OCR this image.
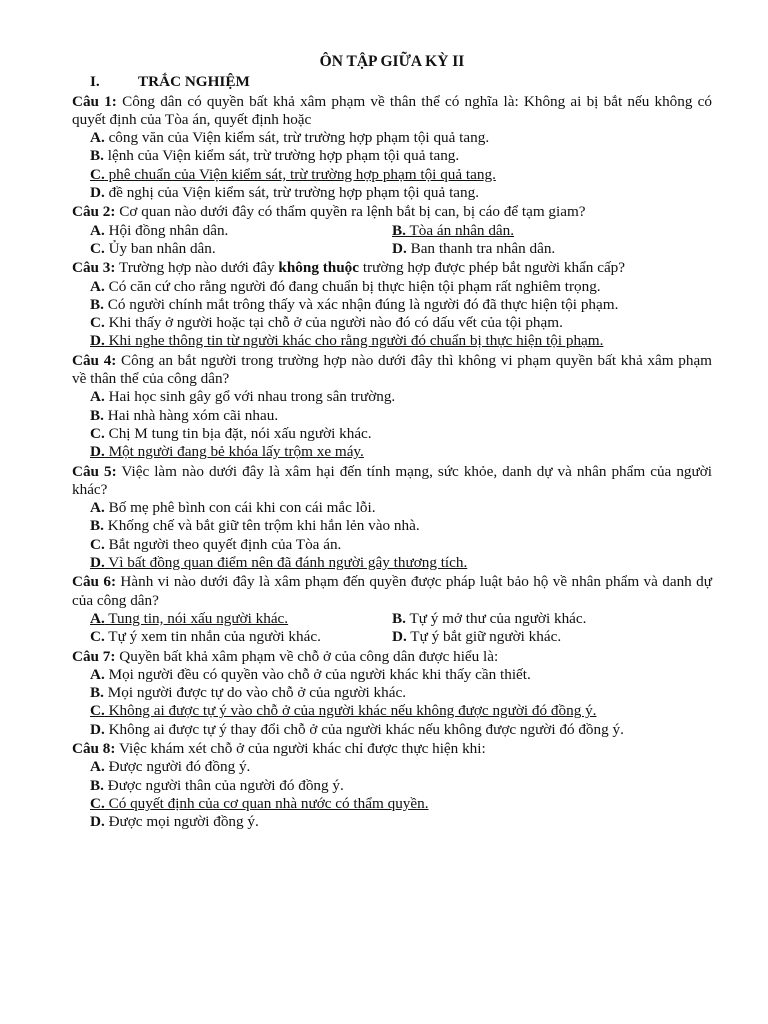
ÔN TẬP GIỮA KỲ II
I.	TRẮC NGHIỆM
Câu 1: Công dân có quyền bất khả xâm phạm về thân thể có nghĩa là: Không ai bị bắt nếu không có quyết định của Tòa án, quyết định hoặc
A. công văn của Viện kiểm sát, trừ trường hợp phạm tội quả tang.
B. lệnh của Viện kiểm sát, trừ trường hợp phạm tội quả tang.
C. phê chuẩn của Viện kiểm sát, trừ trường hợp phạm tội quả tang.
D. đề nghị của Viện kiểm sát, trừ trường hợp phạm tội quả tang.
Câu 2: Cơ quan nào dưới đây có thẩm quyền ra lệnh bắt bị can, bị cáo để tạm giam?
A. Hội đồng nhân dân.	B. Tòa án nhân dân.
C. Ủy ban nhân dân.	D. Ban thanh tra nhân dân.
Câu 3: Trường hợp nào dưới đây không thuộc trường hợp được phép bắt người khẩn cấp?
A. Có căn cứ cho rằng người đó đang chuẩn bị thực hiện tội phạm rất nghiêm trọng.
B. Có người chính mắt trông thấy và xác nhận đúng là người đó đã thực hiện tội phạm.
C. Khi thấy ở người hoặc tại chỗ ở của người nào đó có dấu vết của tội phạm.
D. Khi nghe thông tin từ người khác cho rằng người đó chuẩn bị thực hiện tội phạm.
Câu 4: Công an bắt người trong trường hợp nào dưới đây thì không vi phạm quyền bất khả xâm phạm về thân thể của công dân?
A. Hai học sinh gây gổ với nhau trong sân trường.
B. Hai nhà hàng xóm cãi nhau.
C. Chị M tung tin bịa đặt, nói xấu người khác.
D. Một người đang bẻ khóa lấy trộm xe máy.
Câu 5: Việc làm nào dưới đây là xâm hại đến tính mạng, sức khỏe, danh dự và nhân phẩm của người khác?
A. Bố mẹ phê bình con cái khi con cái mắc lỗi.
B. Khống chế và bắt giữ tên trộm khi hắn lẻn vào nhà.
C. Bắt người theo quyết định của Tòa án.
D. Vì bất đồng quan điểm nên đã đánh người gây thương tích.
Câu 6: Hành vi nào dưới đây là xâm phạm đến quyền được pháp luật bảo hộ về nhân phẩm và danh dự của công dân?
A. Tung tin, nói xấu người khác.	B. Tự ý mở thư của người khác.
C. Tự ý xem tin nhắn của người khác.	D. Tự ý bắt giữ người khác.
Câu 7: Quyền bất khả xâm phạm về chỗ ở của công dân được hiểu là:
A. Mọi người đều có quyền vào chỗ ở của người khác khi thấy cần thiết.
B. Mọi người được tự do vào chỗ ở của người khác.
C. Không ai được tự ý vào chỗ ở của người khác nếu không được người đó đồng ý.
D. Không ai được tự ý thay đổi chỗ ở của người khác nếu không được người đó đồng ý.
Câu 8: Việc khám xét chỗ ở của người khác chỉ được thực hiện khi:
A. Được người đó đồng ý.
B. Được người thân của người đó đồng ý.
C. Có quyết định của cơ quan nhà nước có thẩm quyền.
D. Được mọi người đồng ý.
